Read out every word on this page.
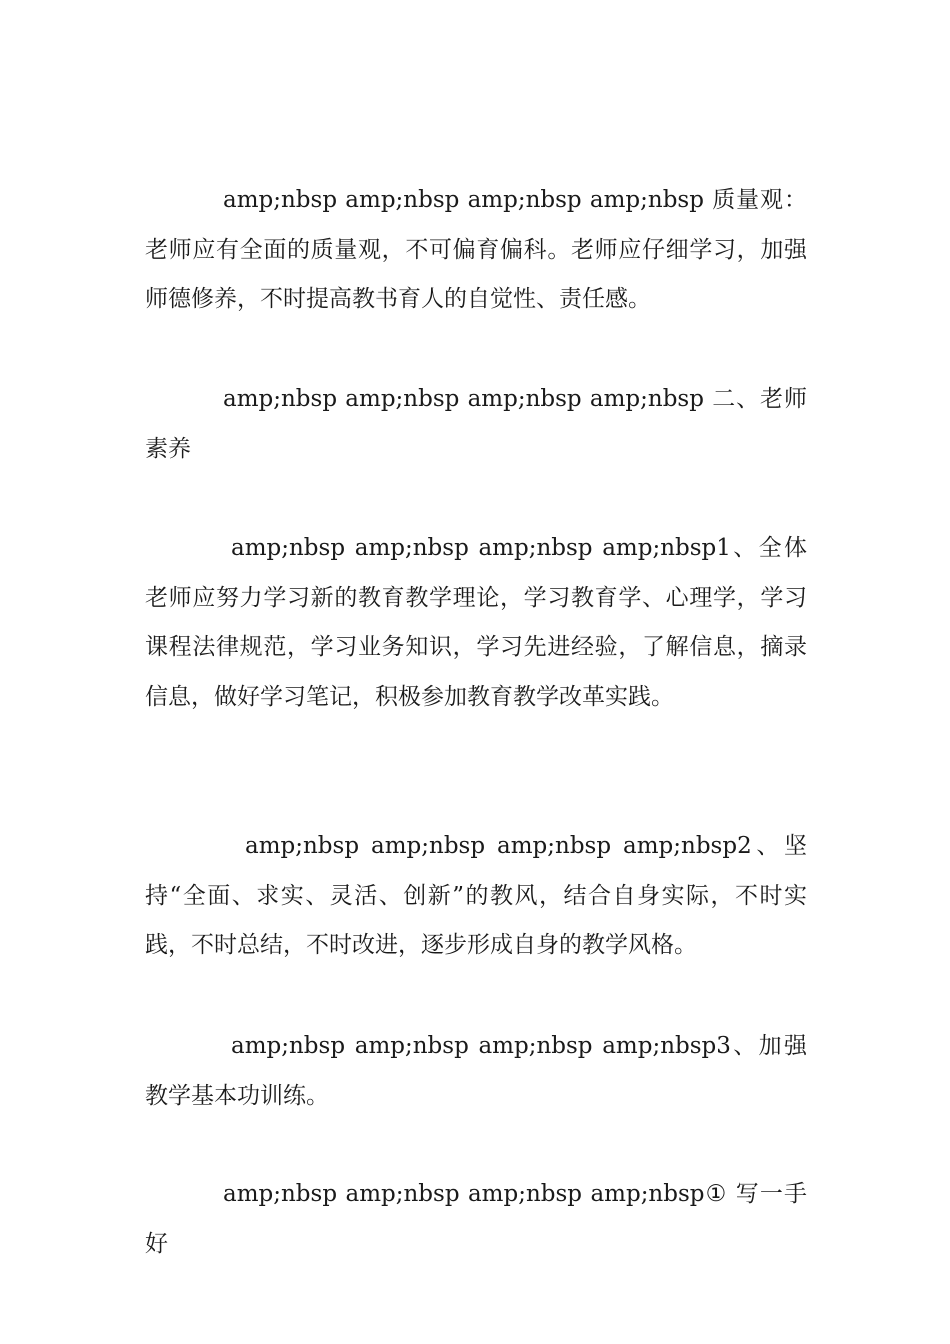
amp;nbsp amp;nbsp amp;nbsp amp;nbsp 质量观：老师应有全面的质量观，不可偏育偏科。老师应仔细学习，加强师德修养，不时提高教书育人的自觉性、责任感。

amp;nbsp amp;nbsp amp;nbsp amp;nbsp 二、老师素养

amp;nbsp amp;nbsp amp;nbsp amp;nbsp1、全体老师应努力学习新的教育教学理论，学习教育学、心理学，学习课程法律规范，学习业务知识，学习先进经验，了解信息，摘录信息，做好学习笔记，积极参加教育教学改革实践。

amp;nbsp amp;nbsp amp;nbsp amp;nbsp2、坚持“全面、求实、灵活、创新”的教风，结合自身实际，不时实践，不时总结，不时改进，逐步形成自身的教学风格。

amp;nbsp amp;nbsp amp;nbsp amp;nbsp3、加强教学基本功训练。

amp;nbsp amp;nbsp amp;nbsp amp;nbsp① 写一手好
